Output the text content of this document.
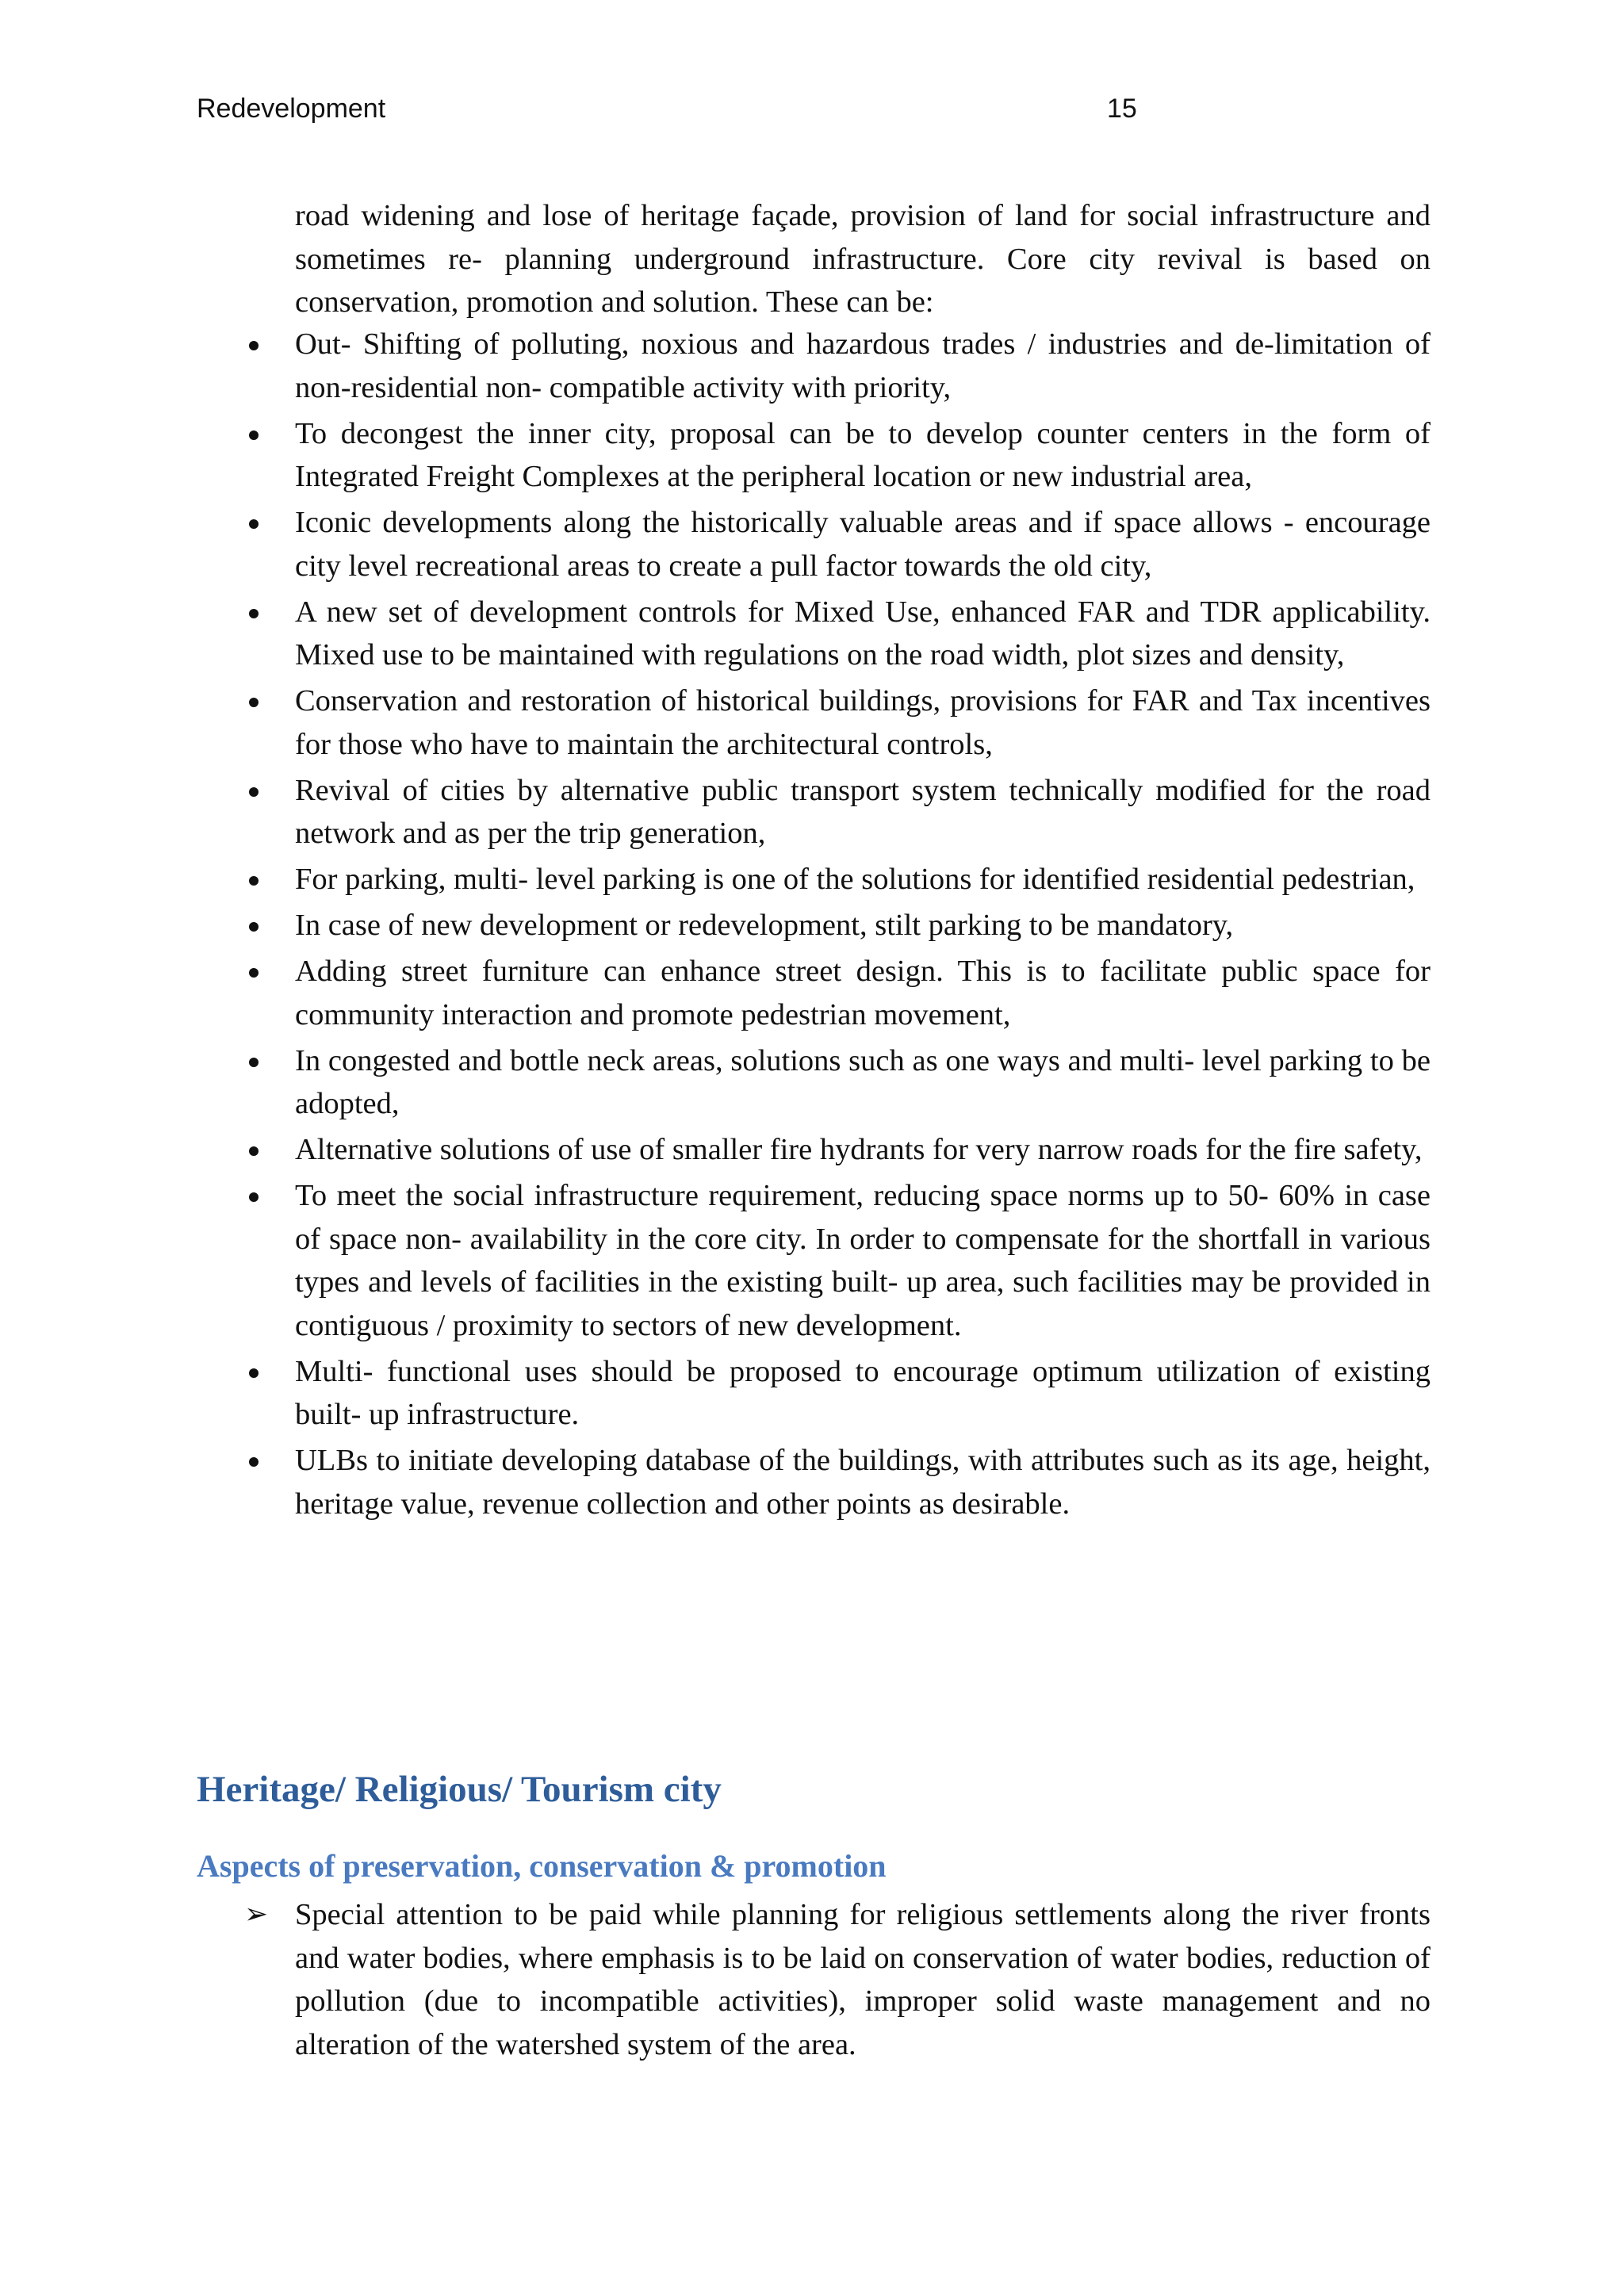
Redevelopment	15

road widening and lose of heritage façade, provision of land for social infrastructure and sometimes re- planning underground infrastructure. Core city revival is based on conservation, promotion and solution. These can be:

Out- Shifting of polluting, noxious and hazardous trades / industries and de-limitation of non-residential non- compatible activity with priority,
To decongest the inner city, proposal can be to develop counter centers in the form of Integrated Freight Complexes at the peripheral location or new industrial area,
Iconic developments along the historically valuable areas and if space allows - encourage city level recreational areas to create a pull factor towards the old city,
A new set of development controls for Mixed Use, enhanced FAR and TDR applicability. Mixed use to be maintained with regulations on the road width, plot sizes and density,
Conservation and restoration of historical buildings, provisions for FAR and Tax incentives for those who have to maintain the architectural controls,
Revival of cities by alternative public transport system technically modified for the road network and as per the trip generation,
For parking, multi- level parking is one of the solutions for identified residential pedestrian,
In case of new development or redevelopment, stilt parking to be mandatory,
Adding street furniture can enhance street design. This is to facilitate public space for community interaction and promote pedestrian movement,
In congested and bottle neck areas, solutions such as one ways and multi- level parking to be adopted,
Alternative solutions of use of smaller fire hydrants for very narrow roads for the fire safety,
To meet the social infrastructure requirement, reducing space norms up to 50- 60% in case of space non- availability in the core city. In order to compensate for the shortfall in various types and levels of facilities in the existing built- up area, such facilities may be provided in contiguous / proximity to sectors of new development.
Multi- functional uses should be proposed to encourage optimum utilization of existing built- up infrastructure.
ULBs to initiate developing database of the buildings, with attributes such as its age, height, heritage value, revenue collection and other points as desirable.
Heritage/ Religious/ Tourism city
Aspects of preservation, conservation & promotion
➢ Special attention to be paid while planning for religious settlements along the river fronts and water bodies, where emphasis is to be laid on conservation of water bodies, reduction of pollution (due to incompatible activities), improper solid waste management and no alteration of the watershed system of the area.
